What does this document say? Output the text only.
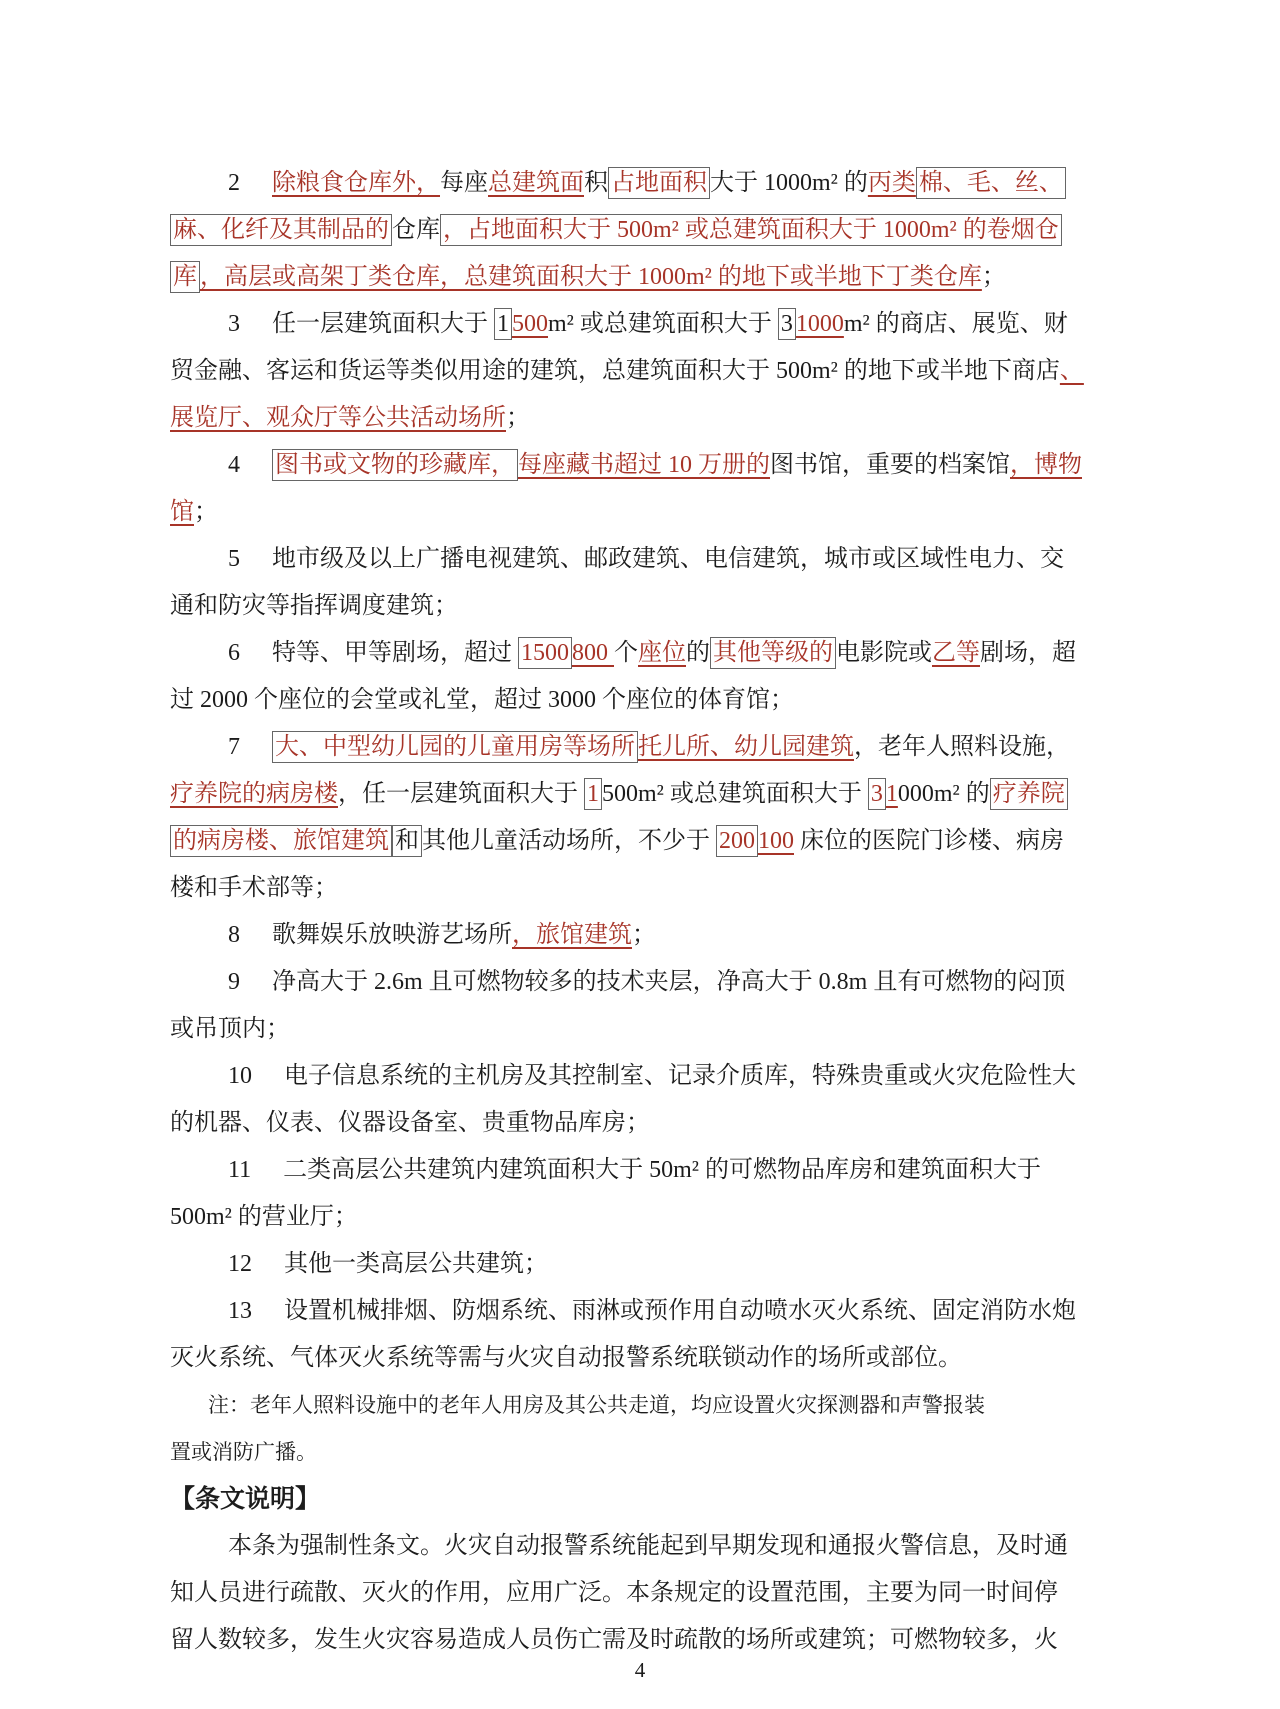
2 除粮食仓库外，每座总建筑面积 占地面积 大于 1000m² 的丙类 棉、毛、丝、
麻、化纤及其制品的 仓库 ，占地面积大于 500m² 或总建筑面积大于 1000m² 的卷烟仓
库 ，高层或高架丁类仓库，总建筑面积大于 1000m² 的地下或半地下丁类仓库；
3 任一层建筑面积大于 1 500m² 或总建筑面积大于 3 1000m² 的商店、展览、财
贸金融、客运和货运等类似用途的建筑，总建筑面积大于 500m² 的地下或半地下商店、
展览厅、观众厅等公共活动场所；
4 图书或文物的珍藏库， 每座藏书超过 10 万册的图书馆，重要的档案馆，博物
馆；
5 地市级及以上广播电视建筑、邮政建筑、电信建筑，城市或区域性电力、交
通和防灾等指挥调度建筑；
6 特等、甲等剧场，超过 1500 800 个座位的 其他等级的 电影院或乙等剧场，超
过 2000 个座位的会堂或礼堂，超过 3000 个座位的体育馆；
7 大、中型幼儿园的儿童用房等场所 托儿所、幼儿园建筑，老年人照料设施，
疗养院的病房楼，任一层建筑面积大于 1 500m² 或总建筑面积大于 3 1000m² 的 疗养院
的病房楼、旅馆建筑 和 其他儿童活动场所，不少于 200 100 床位的医院门诊楼、病房
楼和手术部等；
8 歌舞娱乐放映游艺场所，旅馆建筑；
9 净高大于 2.6m 且可燃物较多的技术夹层，净高大于 0.8m 且有可燃物的闷顶
或吊顶内；
10 电子信息系统的主机房及其控制室、记录介质库，特殊贵重或火灾危险性大
的机器、仪表、仪器设备室、贵重物品库房；
11 二类高层公共建筑内建筑面积大于 50m² 的可燃物品库房和建筑面积大于
500m² 的营业厅；
12 其他一类高层公共建筑；
13 设置机械排烟、防烟系统、雨淋或预作用自动喷水灭火系统、固定消防水炮
灭火系统、气体灭火系统等需与火灾自动报警系统联锁动作的场所或部位。
注：老年人照料设施中的老年人用房及其公共走道，均应设置火灾探测器和声警报装
置或消防广播。
【条文说明】
本条为强制性条文。火灾自动报警系统能起到早期发现和通报火警信息，及时通
知人员进行疏散、灭火的作用，应用广泛。本条规定的设置范围，主要为同一时间停
留人数较多，发生火灾容易造成人员伤亡需及时疏散的场所或建筑；可燃物较多，火
4
